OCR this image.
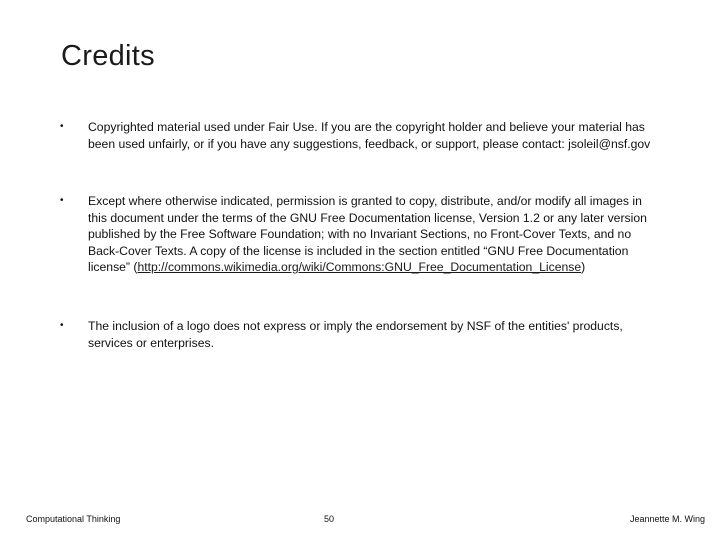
Credits
•	Copyrighted material used under Fair Use. If you are the copyright holder and believe your material has been used unfairly, or if you have any suggestions, feedback, or support, please contact: jsoleil@nsf.gov
•	Except where otherwise indicated, permission is granted to copy, distribute, and/or modify all images in this document under the terms of the GNU Free Documentation license, Version 1.2 or any later version published by the Free Software Foundation; with no Invariant Sections, no Front-Cover Texts, and no Back-Cover Texts. A copy of the license is included in the section entitled “GNU Free Documentation license” (http://commons.wikimedia.org/wiki/Commons:GNU_Free_Documentation_License)
•	The inclusion of a logo does not express or imply the endorsement by NSF of the entities' products, services or enterprises.
Computational Thinking	50	Jeannette M. Wing
